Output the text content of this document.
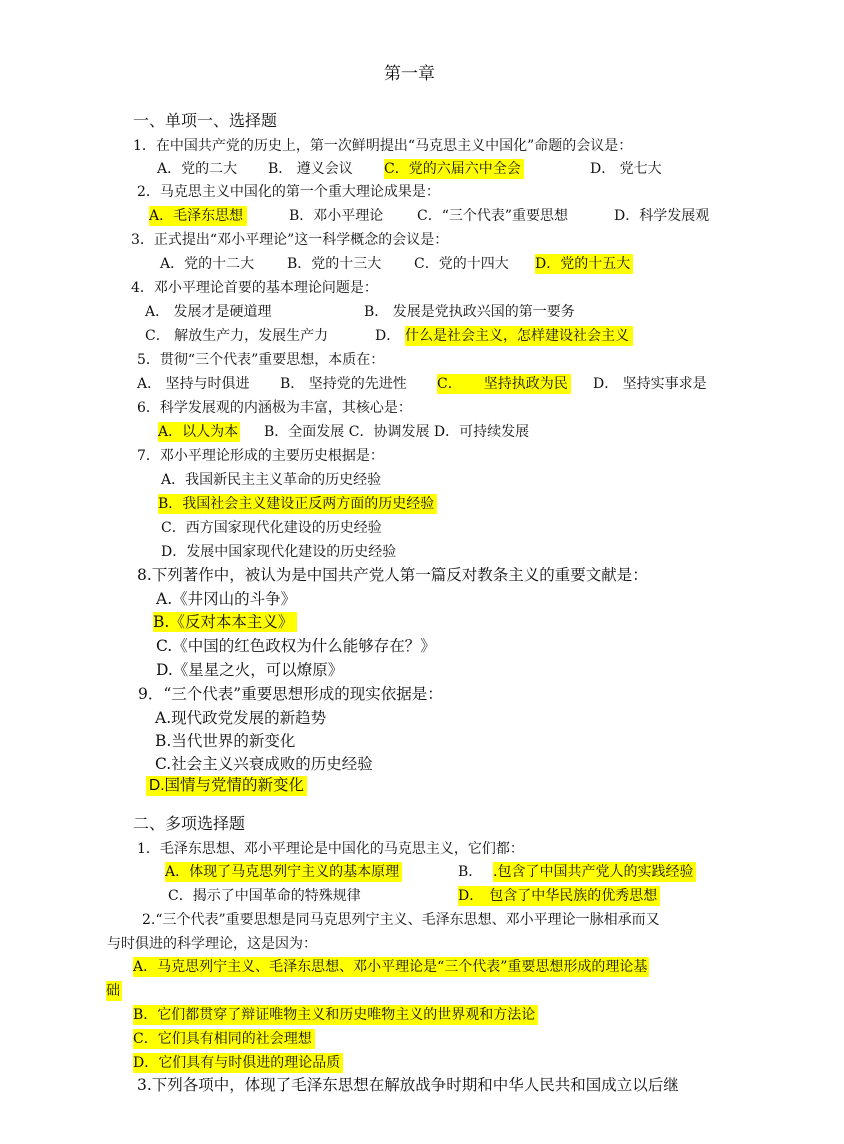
第一章
一、单项一、选择题
1．在中国共产党的历史上，第一次鲜明提出“马克思主义中国化”命题的会议是：
A．党的二大 B． 遵义会议 C．党的六届六中全会	D． 党七大
2．马克思主义中国化的第一个重大理论成果是：
A．毛泽东思想	B．邓小平理论 C．“三个代表”重要思想	D．科学发展观
3．正式提出“邓小平理论”这一科学概念的会议是：
A．党的十二大 B．党的十三大 C．党的十四大 D．党的十五大
4．邓小平理论首要的基本理论问题是：
A． 发展才是硬道理	B． 发展是党执政兴国的第一要务
C． 解放生产力，发展生产力	D． 什么是社会主义，怎样建设社会主义
5．贯彻“三个代表”重要思想，本质在：
A． 坚持与时俱进 B． 坚持党的先进性 C． 坚持执政为民 D． 坚持实事求是
6．科学发展观的内涵极为丰富，其核心是：
A．以人为本 B．全面发展 C．协调发展 D．可持续发展
7．邓小平理论形成的主要历史根据是：
A．我国新民主主义革命的历史经验
B．我国社会主义建设正反两方面的历史经验
C．西方国家现代化建设的历史经验
D．发展中国家现代化建设的历史经验
8.下列著作中，被认为是中国共产党人第一篇反对教条主义的重要文献是：
A.《井冈山的斗争》
B.《反对本本主义》
C.《中国的红色政权为什么能够存在？》
D.《星星之火，可以燎原》
9．“三个代表”重要思想形成的现实依据是：
A.现代政党发展的新趋势
B.当代世界的新变化
C.社会主义兴衰成败的历史经验
D.国情与党情的新变化
二、多项选择题
1．毛泽东思想、邓小平理论是中国化的马克思主义，它们都：
A．体现了马克思列宁主义的基本原理	B． .包含了中国共产党人的实践经验
C．揭示了中国革命的特殊规律	D． 包含了中华民族的优秀思想
2.“三个代表”重要思想是同马克思列宁主义、毛泽东思想、邓小平理论一脉相承而又
与时俱进的科学理论，这是因为：
A．马克思列宁主义、毛泽东思想、邓小平理论是“三个代表”重要思想形成的理论基
础
B．它们都贯穿了辩证唯物主义和历史唯物主义的世界观和方法论
C．它们具有相同的社会理想
D．它们具有与时俱进的理论品质
3.下列各项中，体现了毛泽东思想在解放战争时期和中华人民共和国成立以后继
